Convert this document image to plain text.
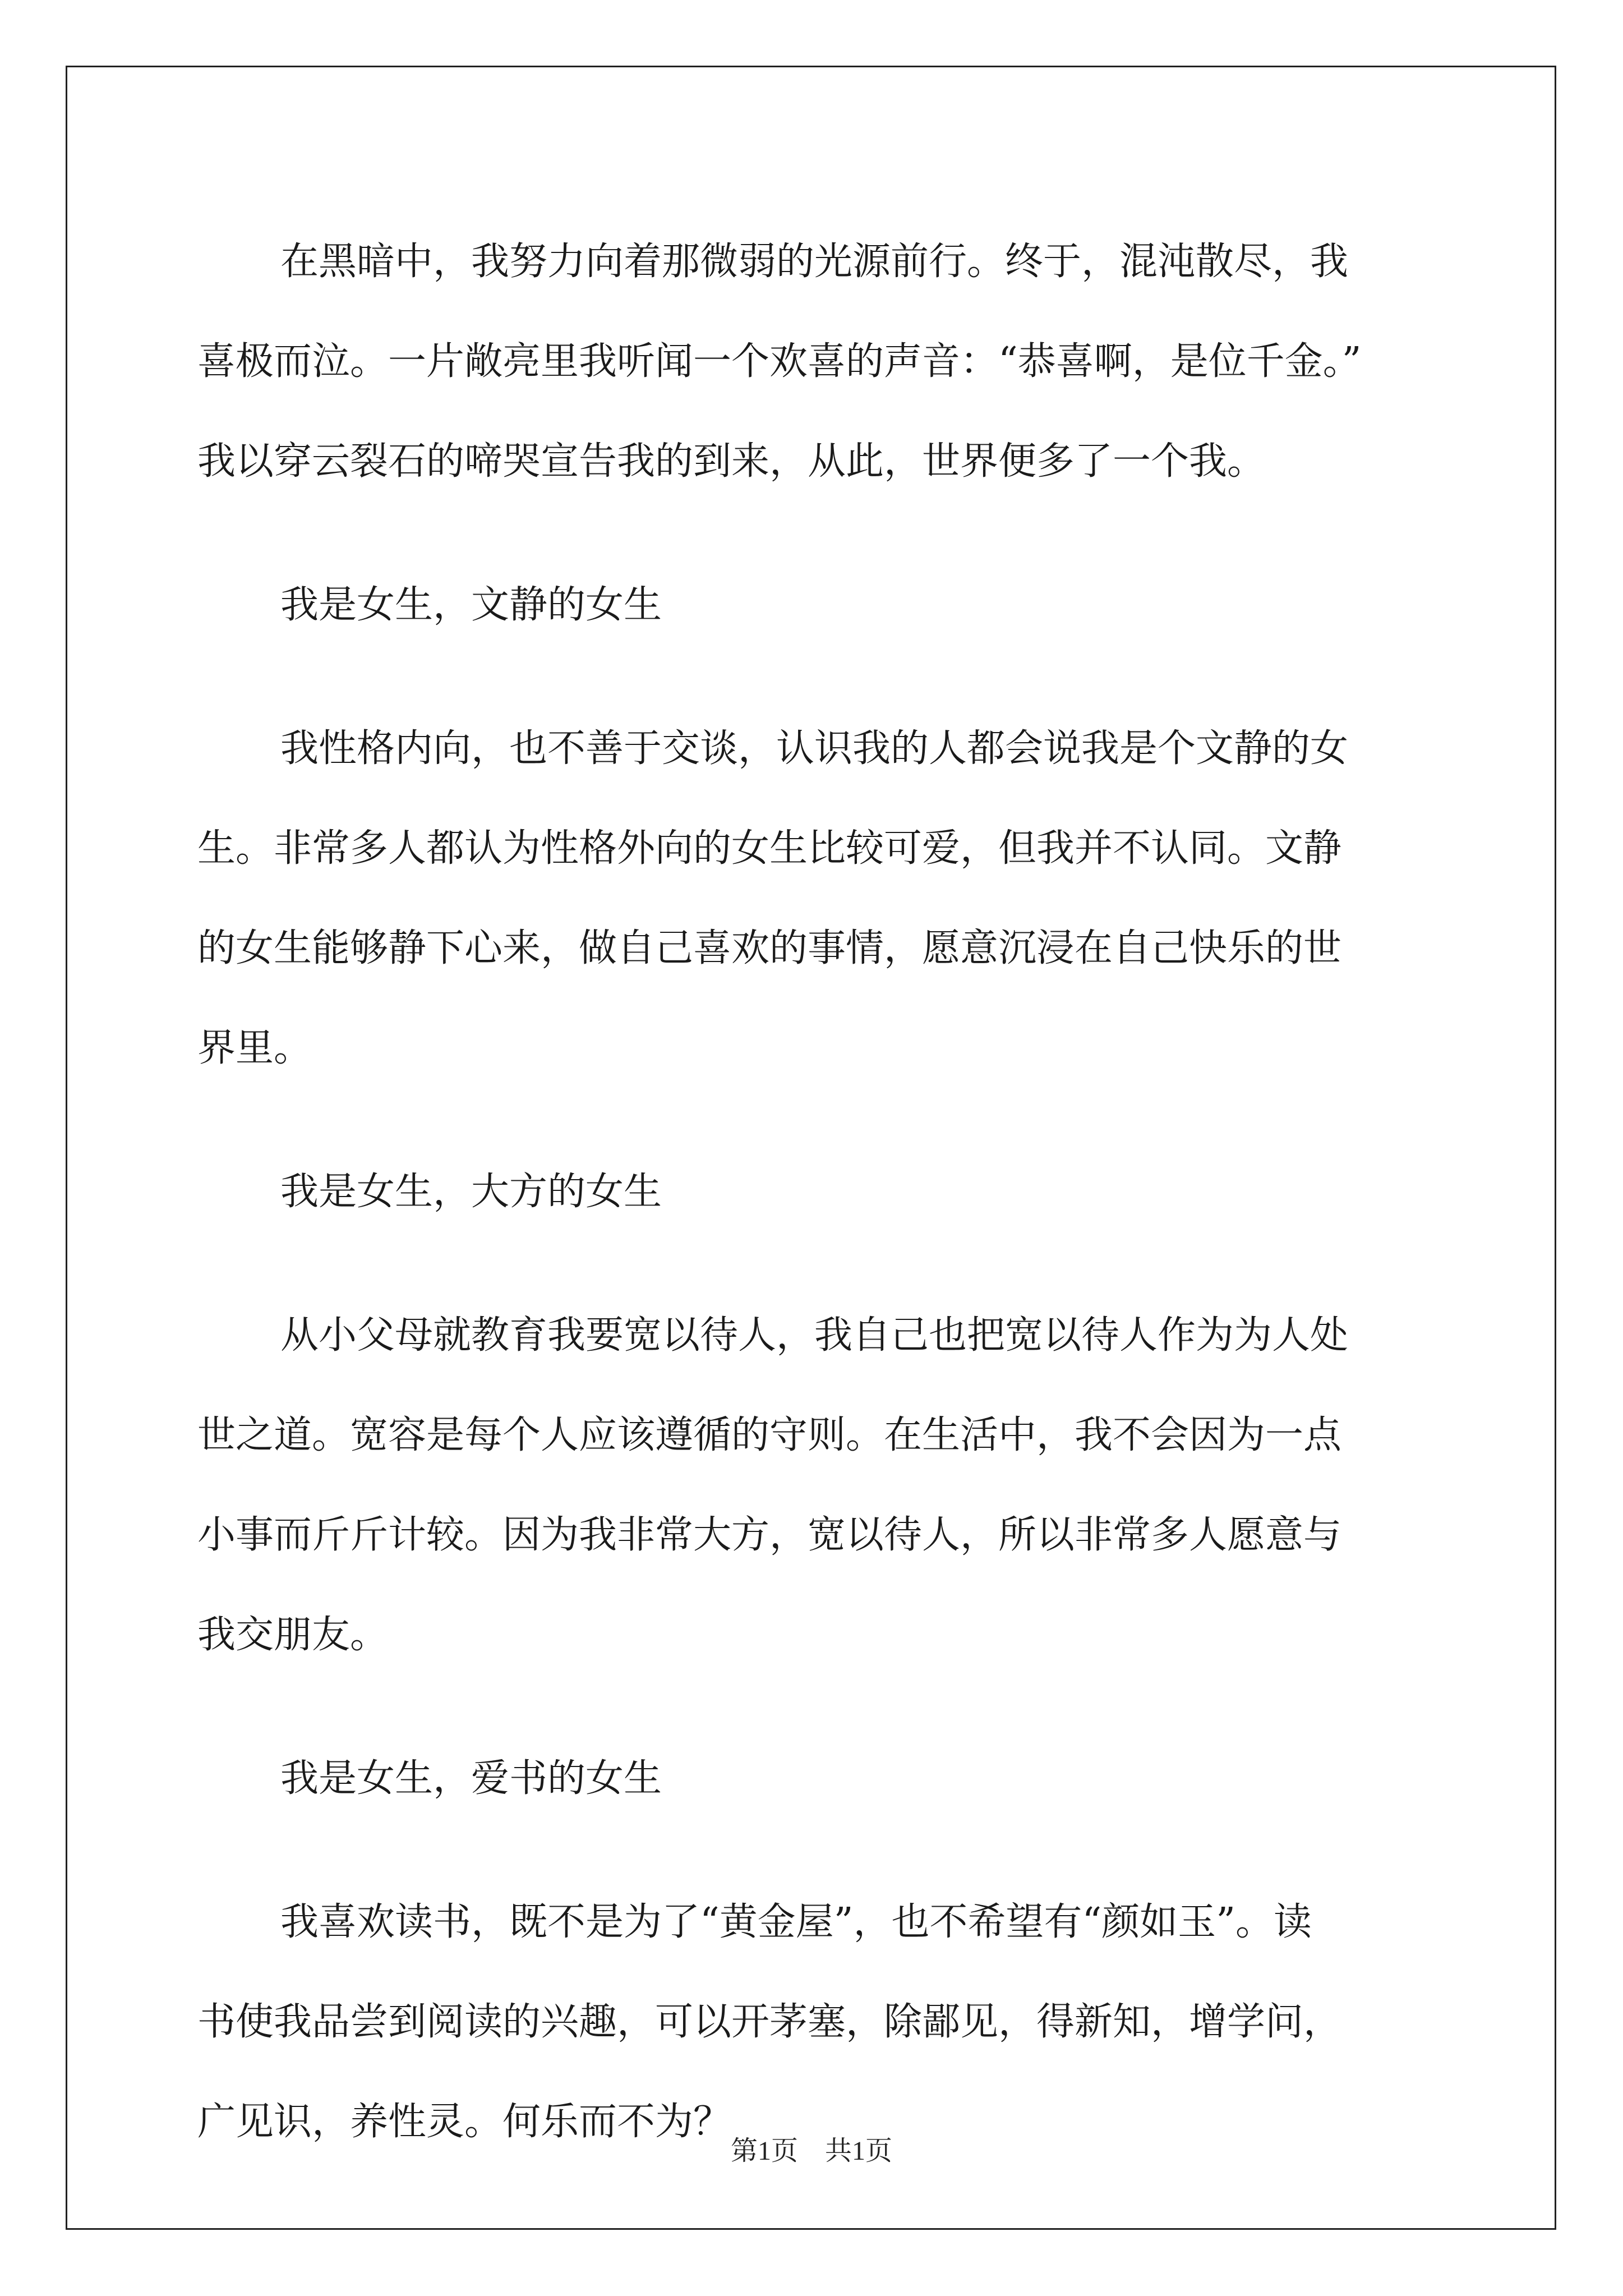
在黑暗中，我努力向着那微弱的光源前行。终于，混沌散尽，我
喜极而泣。一片敞亮里我听闻一个欢喜的声音：“恭喜啊，是位千金。”
我以穿云裂石的啼哭宣告我的到来，从此，世界便多了一个我。
我是女生，文静的女生
我性格内向，也不善于交谈，认识我的人都会说我是个文静的女
生。非常多人都认为性格外向的女生比较可爱，但我并不认同。文静
的女生能够静下心来，做自己喜欢的事情，愿意沉浸在自己快乐的世
界里。
我是女生，大方的女生
从小父母就教育我要宽以待人，我自己也把宽以待人作为为人处
世之道。宽容是每个人应该遵循的守则。在生活中，我不会因为一点
小事而斤斤计较。因为我非常大方，宽以待人，所以非常多人愿意与
我交朋友。
我是女生，爱书的女生
我喜欢读书，既不是为了“黄金屋”，也不希望有“颜如玉”。读
书使我品尝到阅读的兴趣，可以开茅塞，除鄙见，得新知，增学问，
广见识，养性灵。何乐而不为？
第1页　共1页
